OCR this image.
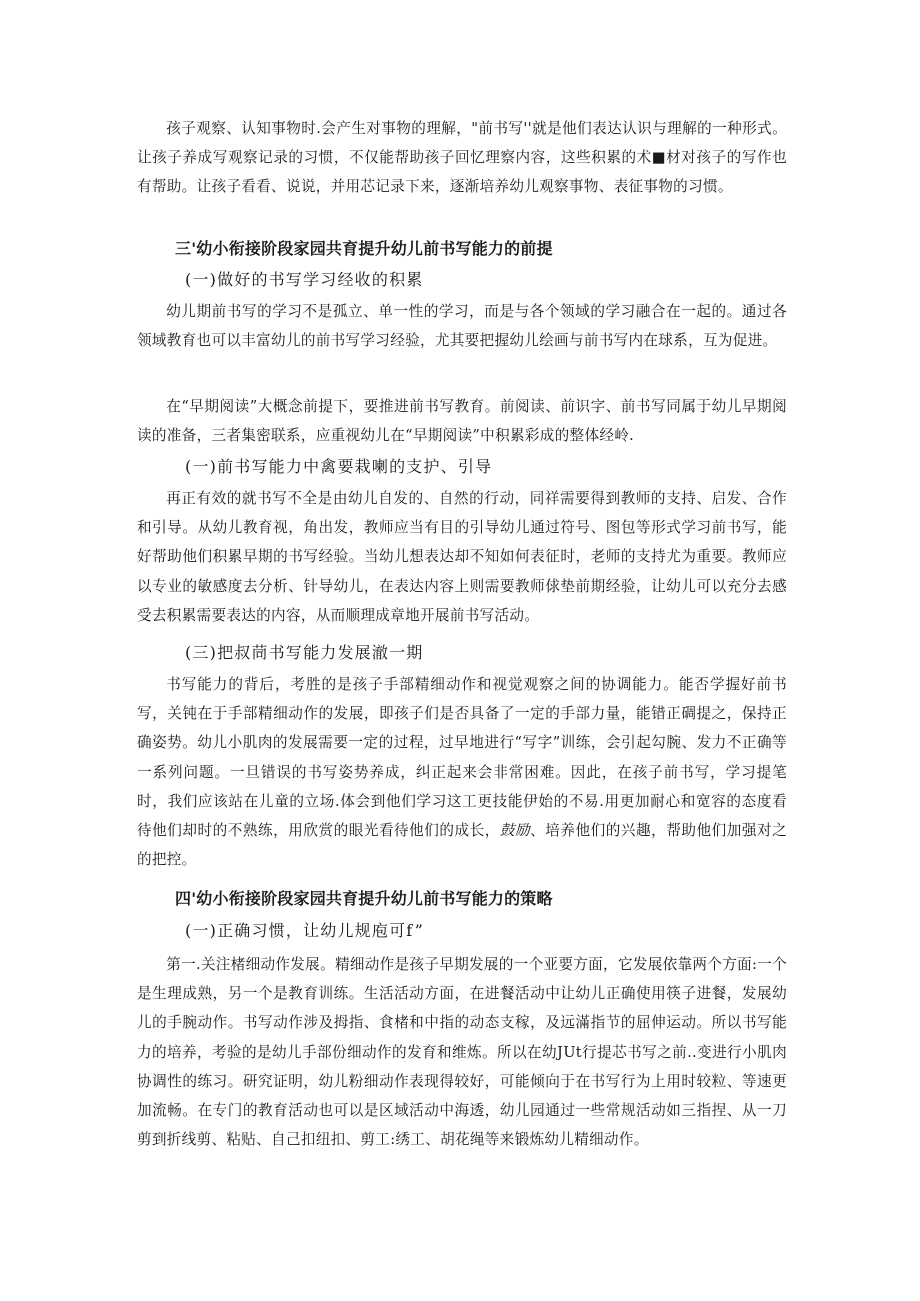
孩子观察、认知事物时.会产生对事物的理解，"前书写''就是他们表达认识与理解的一种形式。让孩子养成写观察记录的习惯，不仅能帮助孩子回忆理察内容，这些积累的术■材对孩子的写作也有帮助。让孩子看看、说说，并用芯记录下来，逐渐培养幼儿观察事物、表征事物的习惯。

三'幼小衔接阶段家园共育提升幼儿前书写能力的前提

(一)做好的书写学习经收的积累

幼儿期前书写的学习不是孤立、单一性的学习，而是与各个领域的学习融合在一起的。通过各领域教育也可以丰富幼儿的前书写学习经验，尤其要把握幼儿绘画与前书写内在球系，互为促进。

在“早期阅读”大概念前提下，要推进前书写教育。前阅读、前识字、前书写同属于幼儿早期阅读的准备，三者集密联系，应重视幼儿在“早期阅读”中积累彩成的整体经岭.

(一)前书写能力中禽要栽喇的支护、引导

再正有效的就书写不全是由幼儿自发的、自然的行动，同祥需要得到教师的支持、启发、合作和引导。从幼儿教育视，角出发，教师应当有目的引导幼儿通过符号、图包等形式学习前书写，能好帮助他们积累早期的书写经验。当幼儿想表达却不知如何表征时，老师的支持尤为重要。教师应以专业的敏感度去分析、针导幼儿，在表达内容上则需要教师俅垫前期经验，让幼儿可以充分去感受去积累需要表达的内容，从而顺理成章地开展前书写活动。

(三)把叔茼书写能力发展澈一期

书写能力的背后，考胜的是孩子手部精细动作和视觉观察之间的协调能力。能否学握好前书写，关钝在于手部精细动作的发展，即孩子们是否具备了一定的手部力量，能错正碉提之，保持正确姿势。幼儿小肌肉的发展需要一定的过程，过早地进行“写字”训练，会引起勾腕、发力不正确等一系列问题。一旦错误的书写姿势养成，纠正起来会非常困难。因此，在孩子前书写，学习提笔时，我们应该站在儿童的立场.体会到他们学习这工更技能伊始的不易.用更加耐心和宽容的态度看待他们却时的不熟练，用欣赏的眼光看待他们的成长，鼓励、培养他们的兴趣，帮助他们加强对之的把控。

四'幼小衔接阶段家园共育提升幼儿前书写能力的策略

(一)正确习惯，让幼儿规庖可f”

第一.关注楮细动作发展。精细动作是孩子早期发展的一个亚要方面，它发展依靠两个方面:一个是生理成熟，另一个是教育训练。生活活动方面，在进餐活动中让幼儿正确使用筷子进餐，发展幼儿的手腕动作。书写动作涉及拇指、食楮和中指的动态支稼，及远滿指节的屈伸运动。所以书写能力的培养，考验的是幼儿手部份细动作的发育和维炼。所以在幼JUt行提芯书写之前..变进行小肌肉协调性的练习。研究证明，幼儿粉细动作表现得较好，可能倾向于在书写行为上用时较粒、等速更加流畅。在专门的教育活动也可以是区域活动中海透，幼儿园通过一些常规活动如三指捏、从一刀剪到折线剪、粘贴、自己扣纽扣、剪工:绣工、胡花绳等来锻炼幼儿精细动作。
